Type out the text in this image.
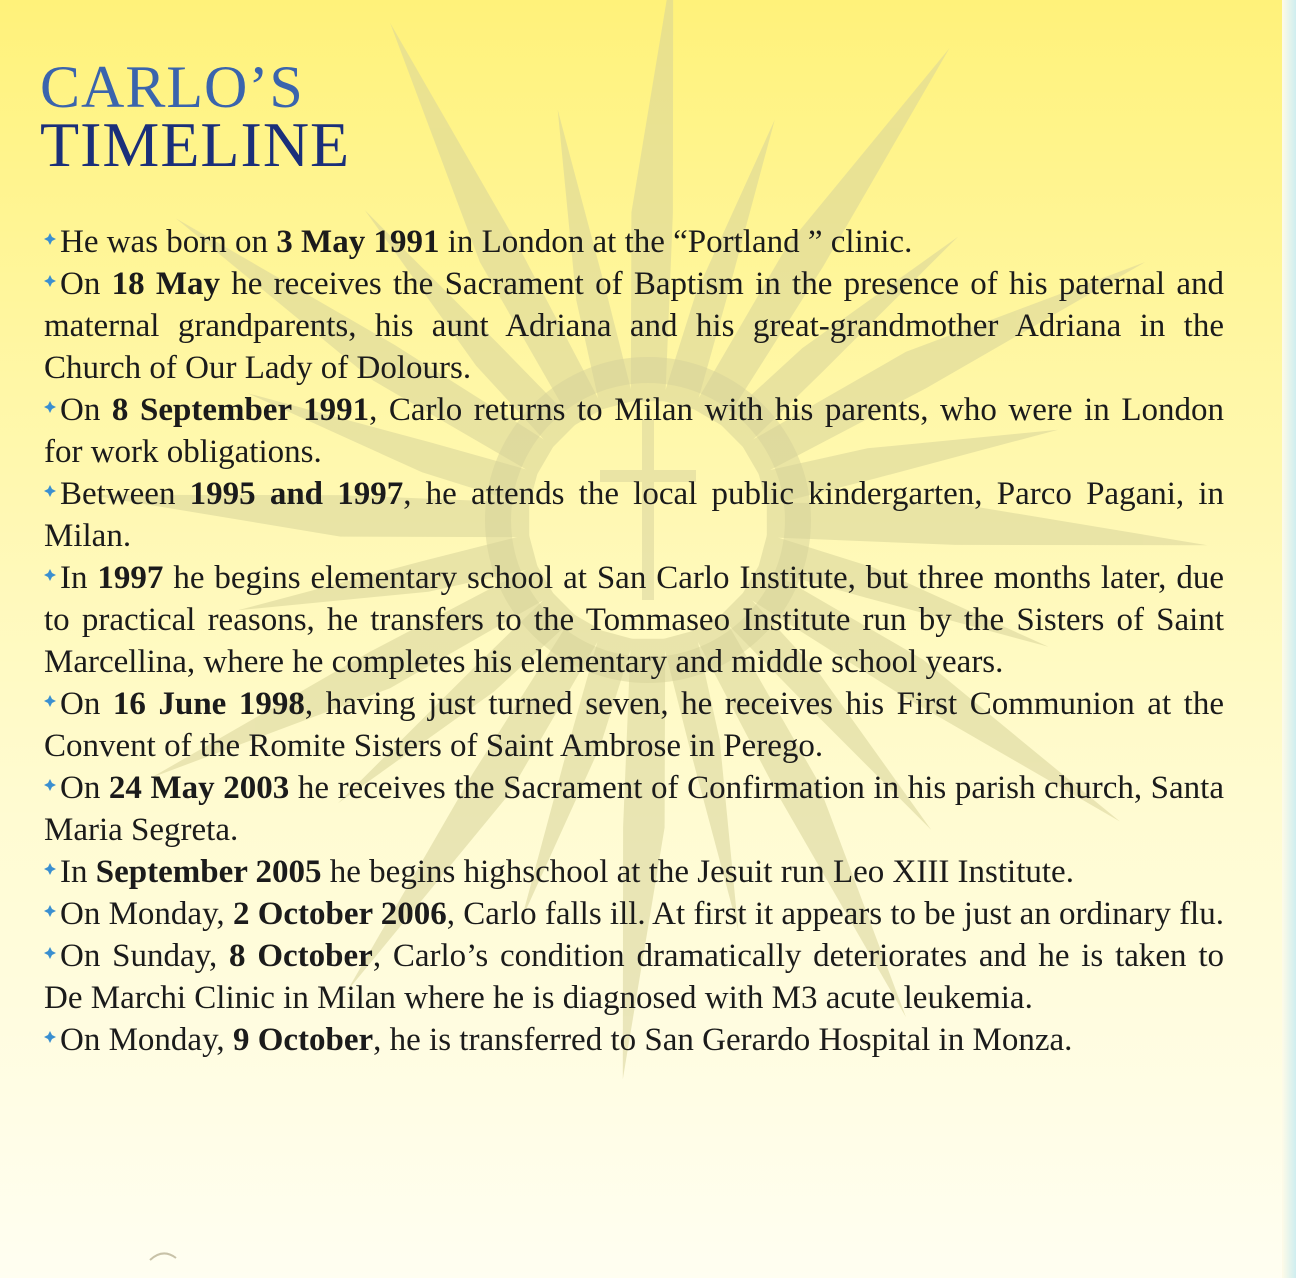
CARLO’S
TIMELINE

He was born on 3 May 1991 in London at the “Portland ” clinic.

On 18 May he receives the Sacrament of Baptism in the presence of his paternal and maternal grandparents, his aunt Adriana and his great-grandmother Adriana in the Church of Our Lady of Dolours.

On 8 September 1991, Carlo returns to Milan with his parents, who were in London for work obligations.

Between 1995 and 1997, he attends the local public kindergarten, Parco Pagani, in Milan.

In 1997 he begins elementary school at San Carlo Institute, but three months later, due to practical reasons, he transfers to the Tommaseo Institute run by the Sisters of Saint Marcellina, where he completes his elementary and middle school years.

On 16 June 1998, having just turned seven, he receives his First Communion at the Convent of the Romite Sisters of Saint Ambrose in Perego.

On 24 May 2003 he receives the Sacrament of Confirmation in his parish church, Santa Maria Segreta.

In September 2005 he begins highschool at the Jesuit run Leo XIII Institute.

On Monday, 2 October 2006, Carlo falls ill. At first it appears to be just an ordinary flu.

On Sunday, 8 October, Carlo’s condition dramatically deteriorates and he is taken to De Marchi Clinic in Milan where he is diagnosed with M3 acute leukemia.

On Monday, 9 October, he is transferred to San Gerardo Hospital in Monza.
